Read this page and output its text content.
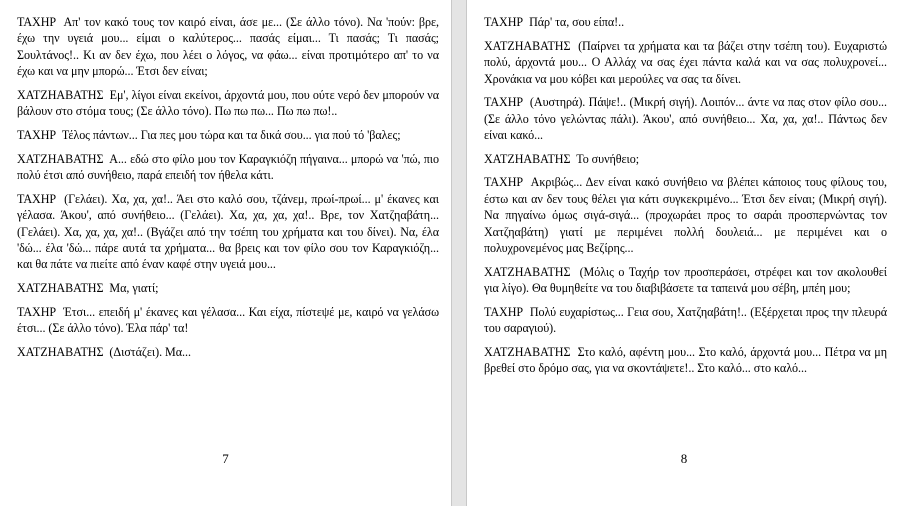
ΤΑΧΗΡ Απ' τον κακό τους τον καιρό είναι, άσε με... (Σε άλλο τόνο). Να 'πούν: βρε, έχω την υγειά μου... είμαι ο καλύτερος... πασάς είμαι... Τι πασάς; Τι πασάς; Σουλτάνος!.. Κι αν δεν έχω, που λέει ο λόγος, να φάω... είναι προτιμότερο απ' το να έχω και να μην μπορώ... Έτσι δεν είναι;

ΧΑΤΖΗΑΒΑΤΗΣ Εμ', λίγοι είναι εκείνοι, άρχοντά μου, που ούτε νερό δεν μπορούν να βάλουν στο στόμα τους; (Σε άλλο τόνο). Πω πω πω... Πω πω πω!..

ΤΑΧΗΡ Τέλος πάντων... Για πες μου τώρα και τα δικά σου... για πού τό 'βαλες;

ΧΑΤΖΗΑΒΑΤΗΣ Α... εδώ στο φίλο μου τον Καραγκιόζη πήγαινα... μπορώ να 'πώ, πιο πολύ έτσι από συνήθειο, παρά επειδή τον ήθελα κάτι.

ΤΑΧΗΡ (Γελάει). Χα, χα, χα!.. Άει στο καλό σου, τζάνεμ, πρωί-πρωί... μ' έκανες και γέλασα. Άκου', από συνήθειο... (Γελάει). Χα, χα, χα, χα!.. Βρε, τον Χατζηαβάτη... (Γελάει). Χα, χα, χα, χα!.. (Βγάζει από την τσέπη του χρήματα και του δίνει). Να, έλα 'δώ... έλα 'δώ... πάρε αυτά τα χρήματα... θα βρεις και τον φίλο σου τον Καραγκιόζη... και θα πάτε να πιείτε από έναν καφέ στην υγειά μου...

ΧΑΤΖΗΑΒΑΤΗΣ Μα, γιατί;

ΤΑΧΗΡ Έτσι... επειδή μ' έκανες και γέλασα... Και είχα, πίστεψέ με, καιρό να γελάσω έτσι... (Σε άλλο τόνο). Έλα πάρ' τα!

ΧΑΤΖΗΑΒΑΤΗΣ (Διστάζει). Μα...

7

ΤΑΧΗΡ Πάρ' τα, σου είπα!..

ΧΑΤΖΗΑΒΑΤΗΣ (Παίρνει τα χρήματα και τα βάζει στην τσέπη του). Ευχαριστώ πολύ, άρχοντά μου... Ο Αλλάχ να σας έχει πάντα καλά και να σας πολυχρονεί... Χρονάκια να μου κόβει και μερούλες να σας τα δίνει.

ΤΑΧΗΡ (Αυστηρά). Πάψε!.. (Μικρή σιγή). Λοιπόν... άντε να πας στον φίλο σου... (Σε άλλο τόνο γελώντας πάλι). Άκου', από συνήθειο... Χα, χα, χα!.. Πάντως δεν είναι κακό...

ΧΑΤΖΗΑΒΑΤΗΣ Το συνήθειο;

ΤΑΧΗΡ Ακριβώς... Δεν είναι κακό συνήθειο να βλέπει κάποιος τους φίλους του, έστω και αν δεν τους θέλει για κάτι συγκεκριμένο... Έτσι δεν είναι; (Μικρή σιγή). Να πηγαίνω όμως σιγά-σιγά... (προχωράει προς το σαράι προσπερνώντας τον Χατζηαβάτη) γιατί με περιμένει πολλή δουλειά... με περιμένει και ο πολυχρονεμένος μας Βεζίρης...

ΧΑΤΖΗΑΒΑΤΗΣ (Μόλις ο Ταχήρ τον προσπεράσει, στρέφει και τον ακολουθεί για λίγο). Θα θυμηθείτε να του διαβιβάσετε τα ταπεινά μου σέβη, μπέη μου;

ΤΑΧΗΡ Πολύ ευχαρίστως... Γεια σου, Χατζηαβάτη!.. (Εξέρχεται προς την πλευρά του σαραγιού).

ΧΑΤΖΗΑΒΑΤΗΣ Στο καλό, αφέντη μου... Στο καλό, άρχοντά μου... Πέτρα να μη βρεθεί στο δρόμο σας, για να σκοντάψετε!.. Στο καλό... στο καλό...

8
